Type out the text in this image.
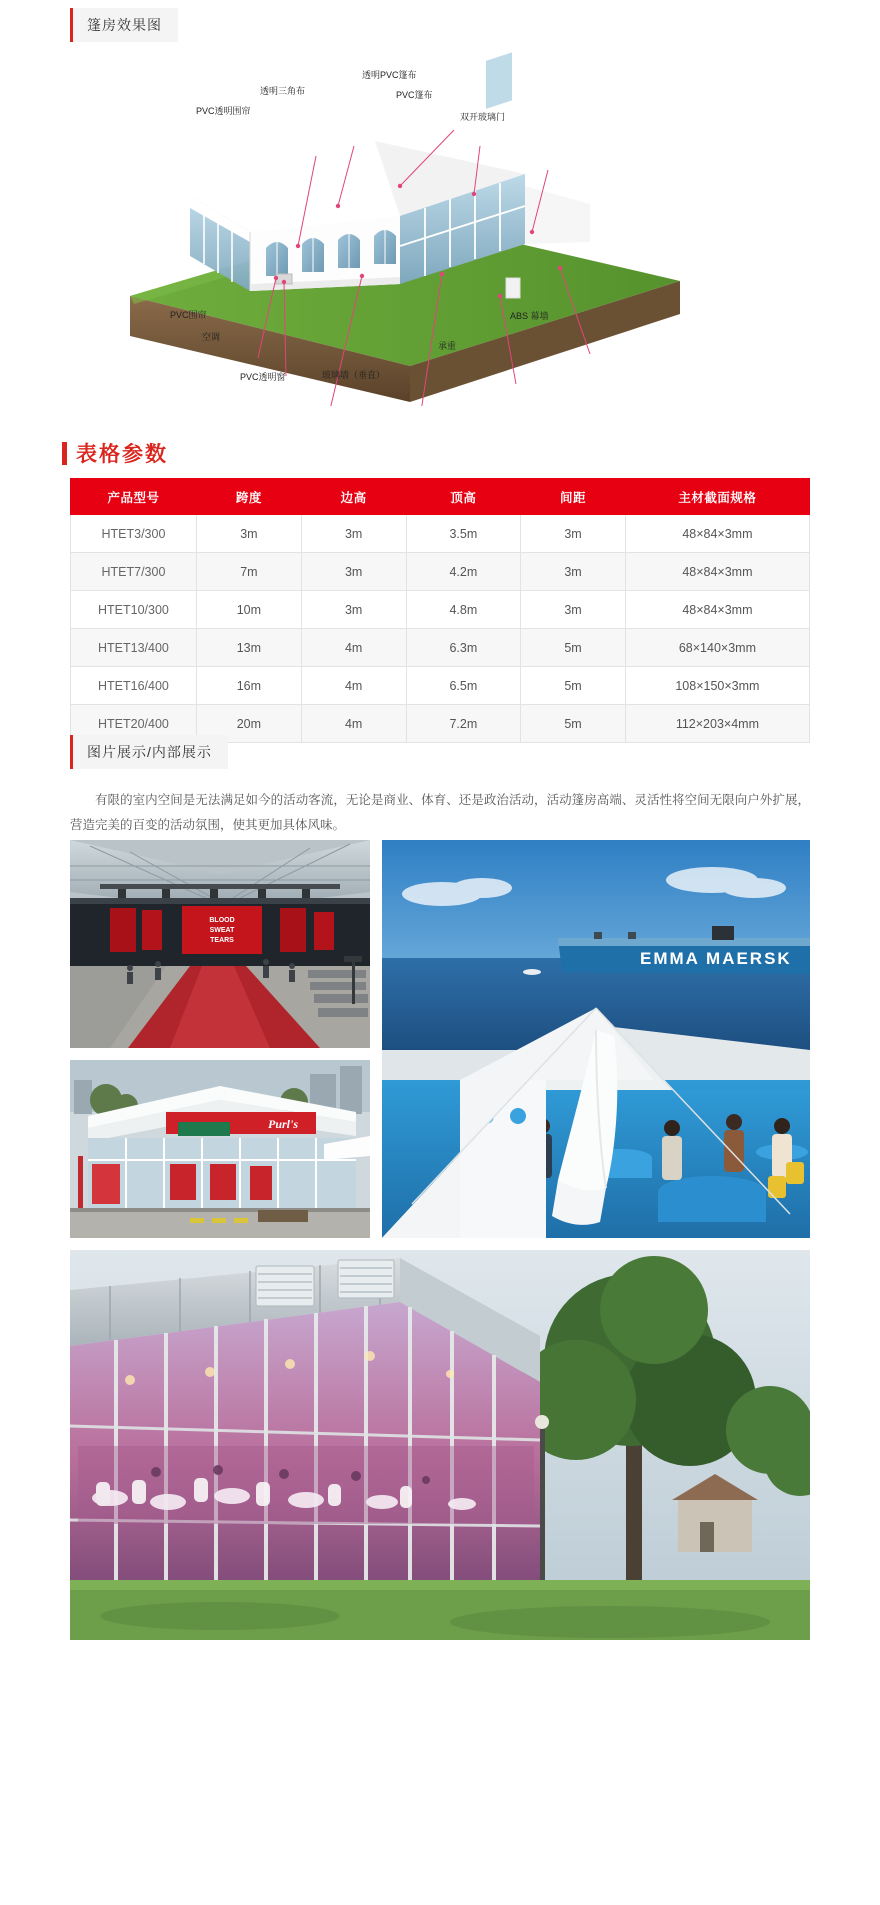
篷房效果图
PVC透明围帘
透明三角布
透明PVC篷布
PVC篷布
双开玻璃门
ABS 幕墙
承重
玻璃墙（垂直）
PVC透明窗
空调
PVC围帘
表格参数
产品型号	跨度	边高	顶高	间距	主材截面规格
HTET3/300	3m	3m	3.5m	3m	48×84×3mm
HTET7/300	7m	3m	4.2m	3m	48×84×3mm
HTET10/300	10m	3m	4.8m	3m	48×84×3mm
HTET13/400	13m	4m	6.3m	5m	68×140×3mm
HTET16/400	16m	4m	6.5m	5m	108×150×3mm
HTET20/400	20m	4m	7.2m	5m	112×203×4mm
图片展示/内部展示
有限的室内空间是无法满足如今的活动客流，无论是商业、体育、还是政治活动，活动篷房高端、灵活性将空间无限向户外扩展，营造完美的百变的活动氛围，使其更加具体风味。
BLOOD
SWEAT
TEARS
EMMA MAERSK
Purl's
